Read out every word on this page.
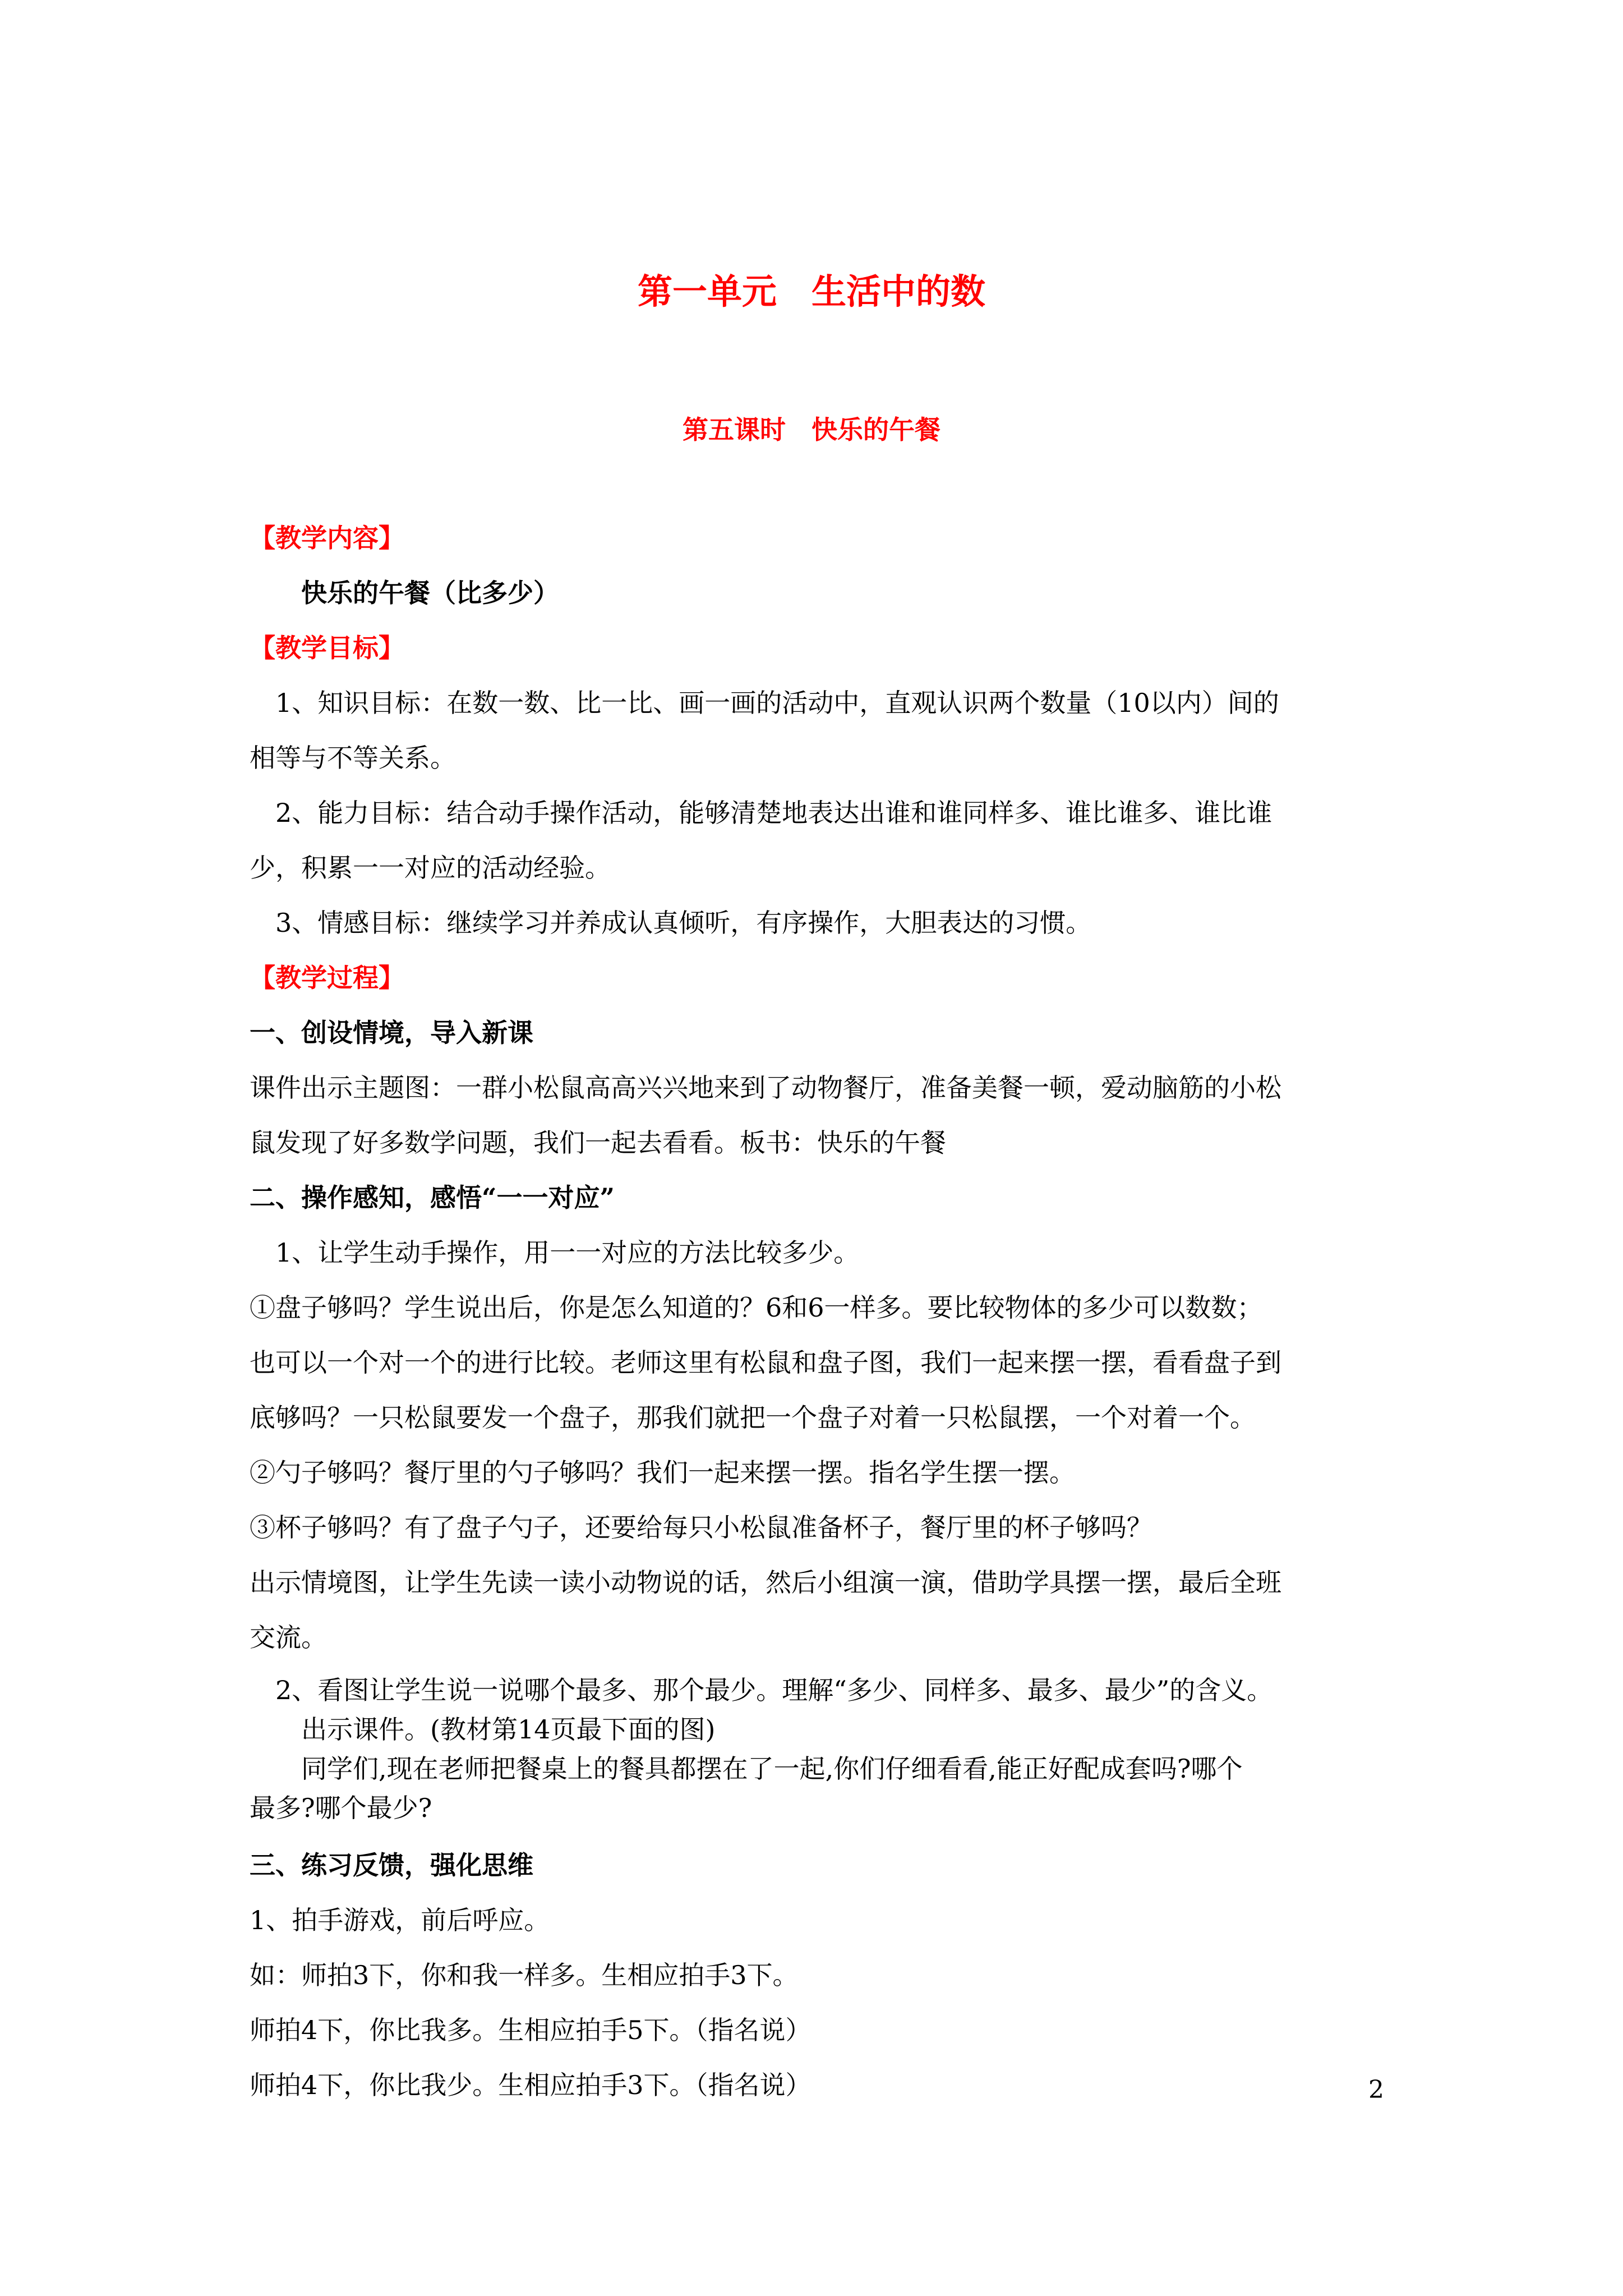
第一单元　生活中的数
第五课时　快乐的午餐

【教学内容】

快乐的午餐（比多少）

【教学目标】

1、知识目标：在数一数、比一比、画一画的活动中，直观认识两个数量（10以内）间的

相等与不等关系。

2、能力目标：结合动手操作活动，能够清楚地表达出谁和谁同样多、谁比谁多、谁比谁

少，积累一一对应的活动经验。

3、情感目标：继续学习并养成认真倾听，有序操作，大胆表达的习惯。

【教学过程】

一、创设情境，导入新课

课件出示主题图：一群小松鼠高高兴兴地来到了动物餐厅，准备美餐一顿，爱动脑筋的小松

鼠发现了好多数学问题，我们一起去看看。板书：快乐的午餐

二、操作感知，感悟“一一对应”

1、让学生动手操作，用一一对应的方法比较多少。

①盘子够吗？学生说出后，你是怎么知道的？6和6一样多。要比较物体的多少可以数数；

也可以一个对一个的进行比较。老师这里有松鼠和盘子图，我们一起来摆一摆，看看盘子到

底够吗？一只松鼠要发一个盘子，那我们就把一个盘子对着一只松鼠摆，一个对着一个。

②勺子够吗？餐厅里的勺子够吗？我们一起来摆一摆。指名学生摆一摆。

③杯子够吗？有了盘子勺子，还要给每只小松鼠准备杯子，餐厅里的杯子够吗？

出示情境图，让学生先读一读小动物说的话，然后小组演一演，借助学具摆一摆，最后全班

交流。

2、看图让学生说一说哪个最多、那个最少。理解“多少、同样多、最多、最少”的含义。

出示课件。(教材第14页最下面的图)

同学们,现在老师把餐桌上的餐具都摆在了一起,你们仔细看看,能正好配成套吗?哪个

最多?哪个最少?

三、练习反馈，强化思维

1、拍手游戏，前后呼应。

如：师拍3下，你和我一样多。生相应拍手3下。

师拍4下，你比我多。生相应拍手5下。（指名说）

师拍4下，你比我少。生相应拍手3下。（指名说）	2
